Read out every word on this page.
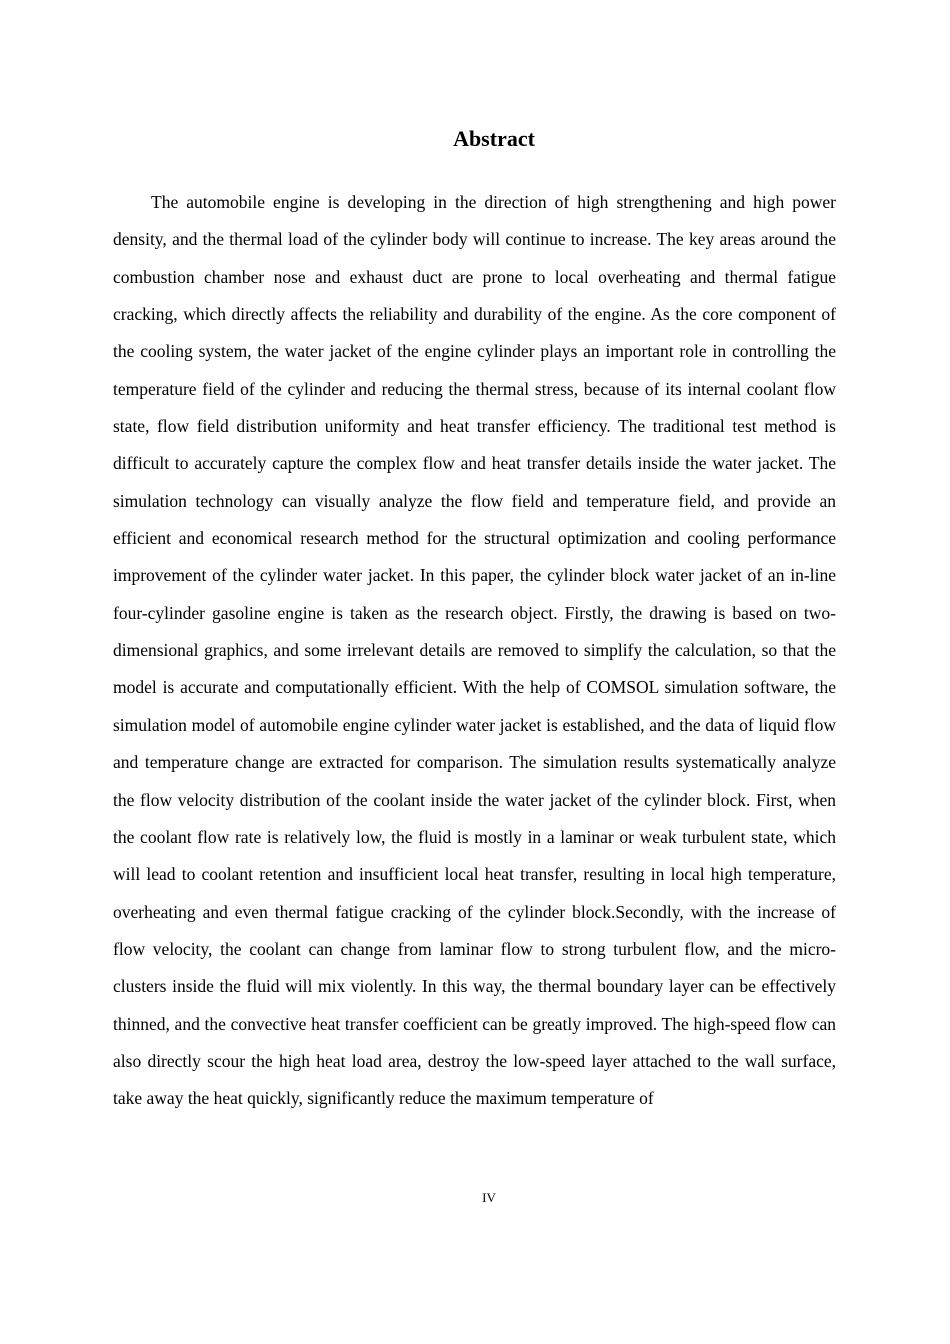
Abstract

The automobile engine is developing in the direction of high strengthening and high power density, and the thermal load of the cylinder body will continue to increase. The key areas around the combustion chamber nose and exhaust duct are prone to local overheating and thermal fatigue cracking, which directly affects the reliability and durability of the engine. As the core component of the cooling system, the water jacket of the engine cylinder plays an important role in controlling the temperature field of the cylinder and reducing the thermal stress, because of its internal coolant flow state, flow field distribution uniformity and heat transfer efficiency. The traditional test method is difficult to accurately capture the complex flow and heat transfer details inside the water jacket. The simulation technology can visually analyze the flow field and temperature field, and provide an efficient and economical research method for the structural optimization and cooling performance improvement of the cylinder water jacket. In this paper, the cylinder block water jacket of an in-line four-cylinder gasoline engine is taken as the research object. Firstly, the drawing is based on two-dimensional graphics, and some irrelevant details are removed to simplify the calculation, so that the model is accurate and computationally efficient. With the help of COMSOL simulation software, the simulation model of automobile engine cylinder water jacket is established, and the data of liquid flow and temperature change are extracted for comparison. The simulation results systematically analyze the flow velocity distribution of the coolant inside the water jacket of the cylinder block. First, when the coolant flow rate is relatively low, the fluid is mostly in a laminar or weak turbulent state, which will lead to coolant retention and insufficient local heat transfer, resulting in local high temperature, overheating and even thermal fatigue cracking of the cylinder block.Secondly, with the increase of flow velocity, the coolant can change from laminar flow to strong turbulent flow, and the micro-clusters inside the fluid will mix violently. In this way, the thermal boundary layer can be effectively thinned, and the convective heat transfer coefficient can be greatly improved. The high-speed flow can also directly scour the high heat load area, destroy the low-speed layer attached to the wall surface, take away the heat quickly, significantly reduce the maximum temperature of

IV
